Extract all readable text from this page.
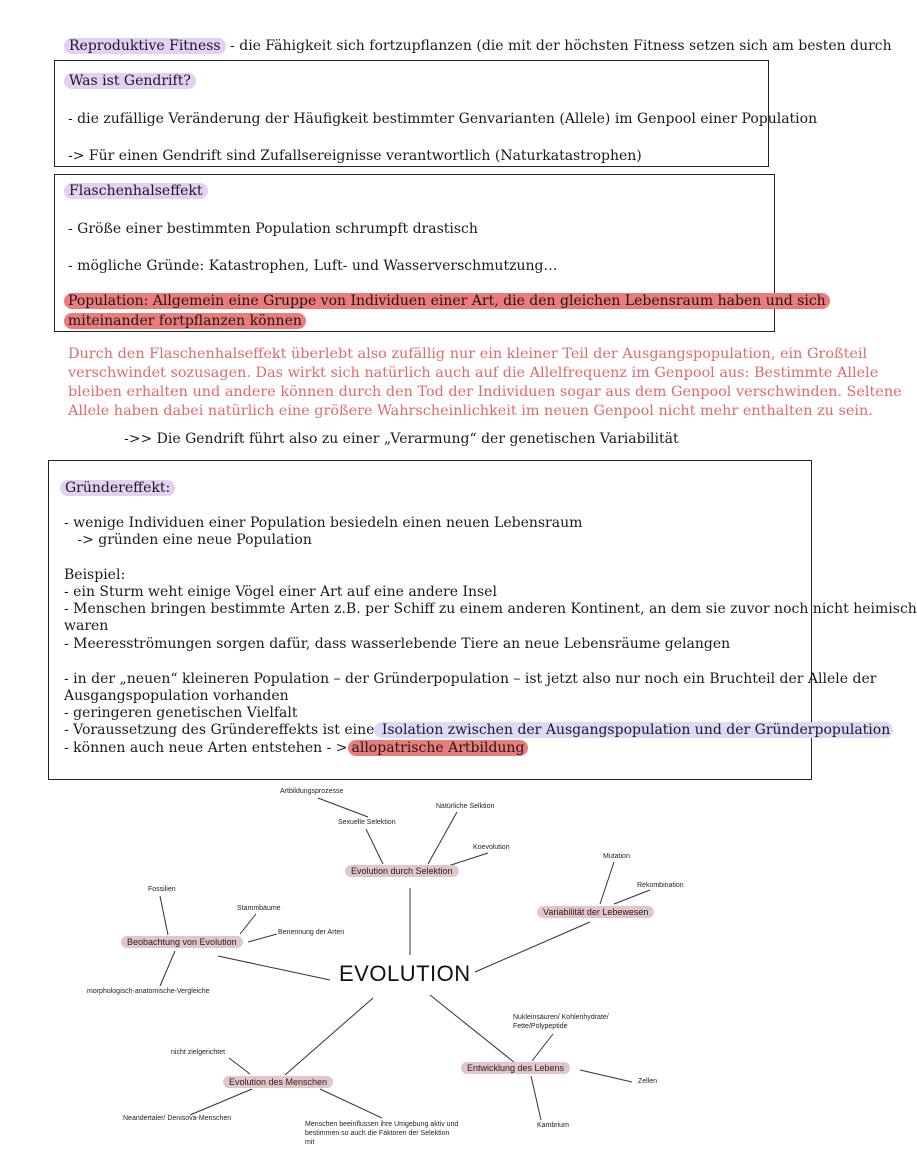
Reproduktive Fitness - die Fähigkeit sich fortzupflanzen (die mit der höchsten Fitness setzen sich am besten durch
Was ist Gendrift?
- die zufällige Veränderung der Häufigkeit bestimmter Genvarianten (Allele) im Genpool einer Population
-> Für einen Gendrift sind Zufallsereignisse verantwortlich (Naturkatastrophen)
Flaschenhalseffekt
- Größe einer bestimmten Population schrumpft drastisch
- mögliche Gründe: Katastrophen, Luft- und Wasserverschmutzung…
Population: Allgemein eine Gruppe von Individuen einer Art, die den gleichen Lebensraum haben und sich
miteinander fortpflanzen können
Durch den Flaschenhalseffekt überlebt also zufällig nur ein kleiner Teil der Ausgangspopulation, ein Großteil
verschwindet sozusagen. Das wirkt sich natürlich auch auf die Allelfrequenz im Genpool aus: Bestimmte Allele
bleiben erhalten und andere können durch den Tod der Individuen sogar aus dem Genpool verschwinden. Seltene
Allele haben dabei natürlich eine größere Wahrscheinlichkeit im neuen Genpool nicht mehr enthalten zu sein.
->> Die Gendrift führt also zu einer „Verarmung“ der genetischen Variabilität
Gründereffekt:
- wenige Individuen einer Population besiedeln einen neuen Lebensraum
-> gründen eine neue Population
Beispiel:
- ein Sturm weht einige Vögel einer Art auf eine andere Insel
- Menschen bringen bestimmte Arten z.B. per Schiff zu einem anderen Kontinent, an dem sie zuvor noch nicht heimisch
waren
- Meeresströmungen sorgen dafür, dass wasserlebende Tiere an neue Lebensräume gelangen
- in der „neuen“ kleineren Population – der Gründerpopulation – ist jetzt also nur noch ein Bruchteil der Allele der
Ausgangspopulation vorhanden
- geringeren genetischen Vielfalt
- Voraussetzung des Gründereffekts ist eine Isolation zwischen der Ausgangspopulation und der Gründerpopulation
- können auch neue Arten entstehen - > allopatrische Artbildung
EVOLUTION
Evolution durch Selektion
Variabilität der Lebewesen
Beobachtung von Evolution
Entwicklung des Lebens
Evolution des Menschen
Artbildungsprozesse
Sexuelle Selektion
Natürliche Selktion
Koevolution
Mutation
Rekombination
Fossilien
Stammbäume
Benennung der Arten
morphologisch-anatomische-Vergleiche
Nukleinsäuren/ Kohlenhydrate/
Fette/Polypeptide
Zellen
Kambrium
nicht zielgerichtet
Neandertaler/ Denisova-Menschen
Menschen beeinflussen ihre Umgebung aktiv und
bestimmen so auch die Faktoren der Selektion
mit
